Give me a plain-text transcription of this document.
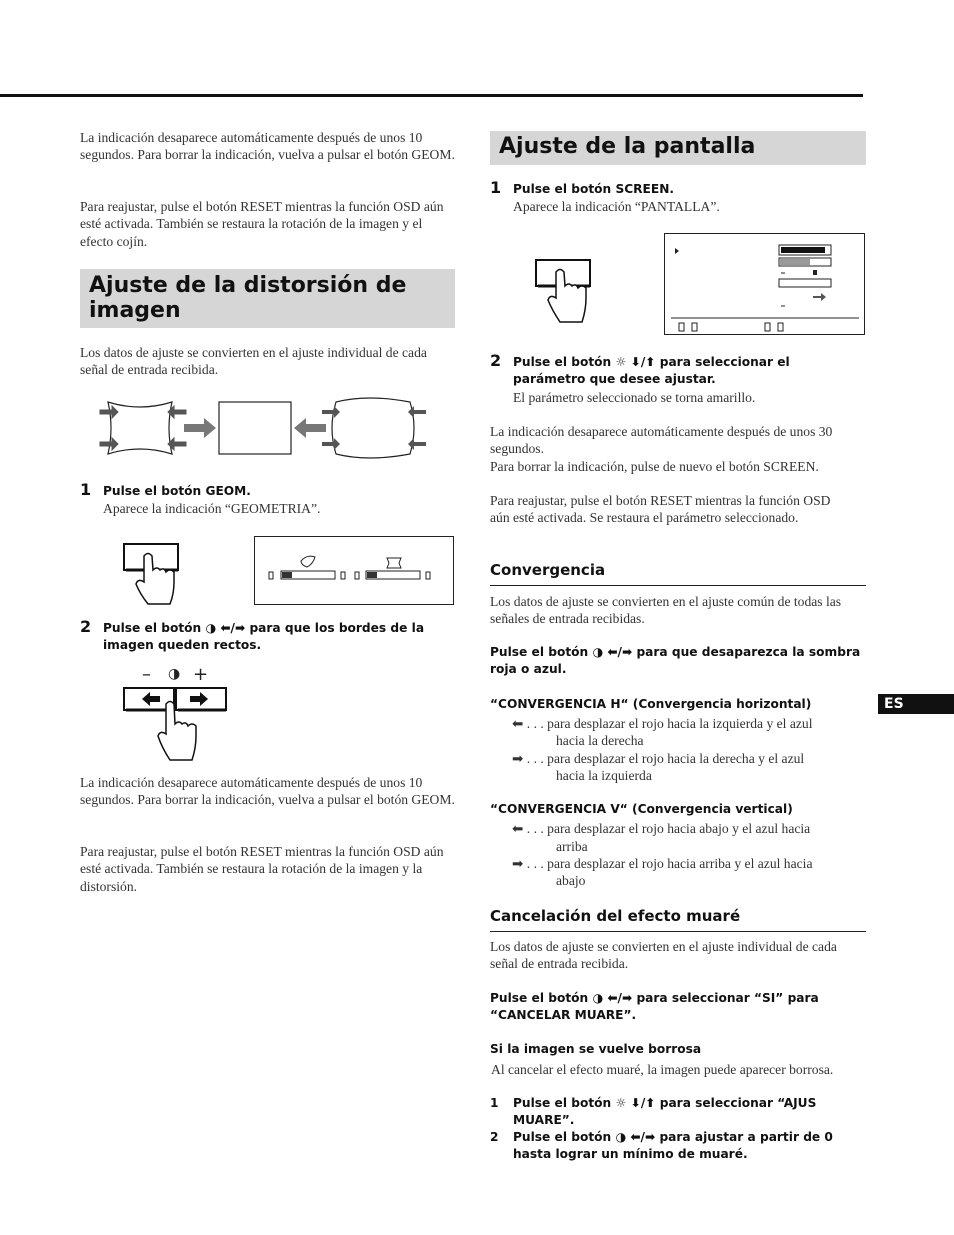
La indicación desaparece automáticamente después de unos 10 segundos. Para borrar la indicación, vuelva a pulsar el botón GEOM.
Para reajustar, pulse el botón RESET mientras la función OSD aún esté activada. También se restaura la rotación de la imagen y el efecto cojín.
Ajuste de la distorsión de imagen
Los datos de ajuste se convierten en el ajuste individual de cada señal de entrada recibida.
1 Pulse el botón GEOM.
Aparece la indicación “GEOMETRIA”.
2 Pulse el botón ◑ ⬅/➡ para que los bordes de la imagen queden rectos.
– ◑ +
La indicación desaparece automáticamente después de unos 10 segundos. Para borrar la indicación, vuelva a pulsar el botón GEOM.
Para reajustar, pulse el botón RESET mientras la función OSD aún esté activada. También se restaura la rotación de la imagen y la distorsión.
Ajuste de la pantalla
1 Pulse el botón SCREEN.
Aparece la indicación “PANTALLA”.
2 Pulse el botón ☼ ⬇/⬆ para seleccionar el parámetro que desee ajustar.
El parámetro seleccionado se torna amarillo.
La indicación desaparece automáticamente después de unos 30 segundos.
Para borrar la indicación, pulse de nuevo el botón SCREEN.
Para reajustar, pulse el botón RESET mientras la función OSD aún esté activada. Se restaura el parámetro seleccionado.
Convergencia
Los datos de ajuste se convierten en el ajuste común de todas las señales de entrada recibidas.
Pulse el botón ◑ ⬅/➡ para que desaparezca la sombra roja o azul.
“CONVERGENCIA H“ (Convergencia horizontal)
⬅ . . . para desplazar el rojo hacia la izquierda y el azul
hacia la derecha
➡ . . . para desplazar el rojo hacia la derecha y el azul
hacia la izquierda
“CONVERGENCIA V“ (Convergencia vertical)
⬅ . . . para desplazar el rojo hacia abajo y el azul hacia
arriba
➡ . . . para desplazar el rojo hacia arriba y el azul hacia
abajo
Cancelación del efecto muaré
Los datos de ajuste se convierten en el ajuste individual de cada señal de entrada recibida.
Pulse el botón ◑ ⬅/➡ para seleccionar “SI” para “CANCELAR MUARE”.
Si la imagen se vuelve borrosa
Al cancelar el efecto muaré, la imagen puede aparecer borrosa.
1 Pulse el botón ☼ ⬇/⬆ para seleccionar “AJUS MUARE”.
2 Pulse el botón ◑ ⬅/➡ para ajustar a partir de 0 hasta lograr un mínimo de muaré.
ES
